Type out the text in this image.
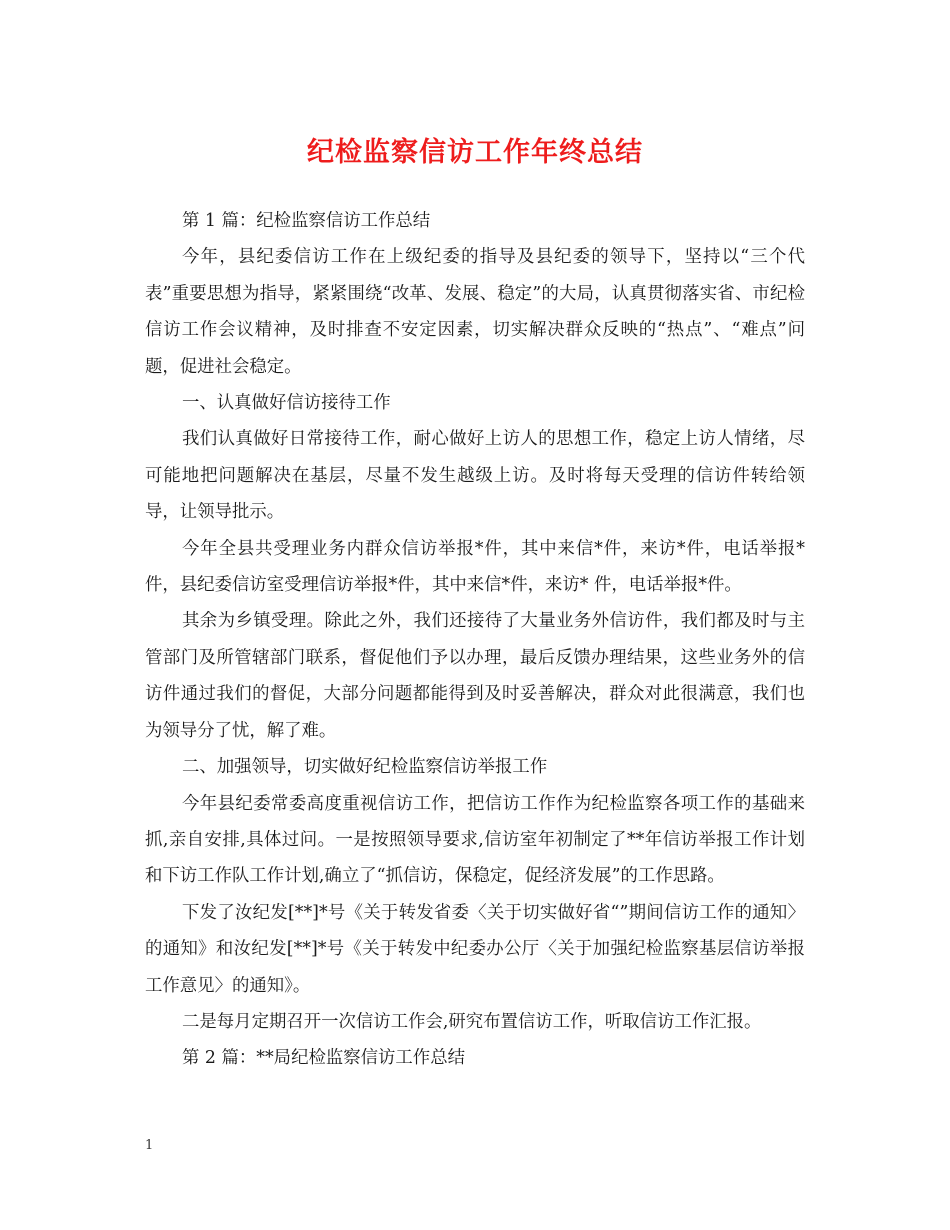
纪检监察信访工作年终总结

第 1 篇：纪检监察信访工作总结

今年，县纪委信访工作在上级纪委的指导及县纪委的领导下，坚持以“三个代表”重要思想为指导，紧紧围绕“改革、发展、稳定”的大局，认真贯彻落实省、市纪检信访工作会议精神，及时排查不安定因素，切实解决群众反映的“热点”、“难点”问题，促进社会稳定。

一、认真做好信访接待工作

我们认真做好日常接待工作，耐心做好上访人的思想工作，稳定上访人情绪，尽可能地把问题解决在基层，尽量不发生越级上访。及时将每天受理的信访件转给领导，让领导批示。

今年全县共受理业务内群众信访举报*件，其中来信*件，来访*件，电话举报*件，县纪委信访室受理信访举报*件，其中来信*件，来访* 件，电话举报*件。

其余为乡镇受理。除此之外，我们还接待了大量业务外信访件，我们都及时与主管部门及所管辖部门联系，督促他们予以办理，最后反馈办理结果，这些业务外的信访件通过我们的督促，大部分问题都能得到及时妥善解决，群众对此很满意，我们也为领导分了忧，解了难。

二、加强领导，切实做好纪检监察信访举报工作

今年县纪委常委高度重视信访工作，把信访工作作为纪检监察各项工作的基础来抓,亲自安排,具体过问。一是按照领导要求,信访室年初制定了**年信访举报工作计划和下访工作队工作计划,确立了“抓信访，保稳定，促经济发展”的工作思路。

下发了汝纪发[**]*号《关于转发省委〈关于切实做好省“”期间信访工作的通知〉的通知》和汝纪发[**]*号《关于转发中纪委办公厅〈关于加强纪检监察基层信访举报工作意见〉的通知》。

二是每月定期召开一次信访工作会,研究布置信访工作，听取信访工作汇报。

第 2 篇：**局纪检监察信访工作总结

1
